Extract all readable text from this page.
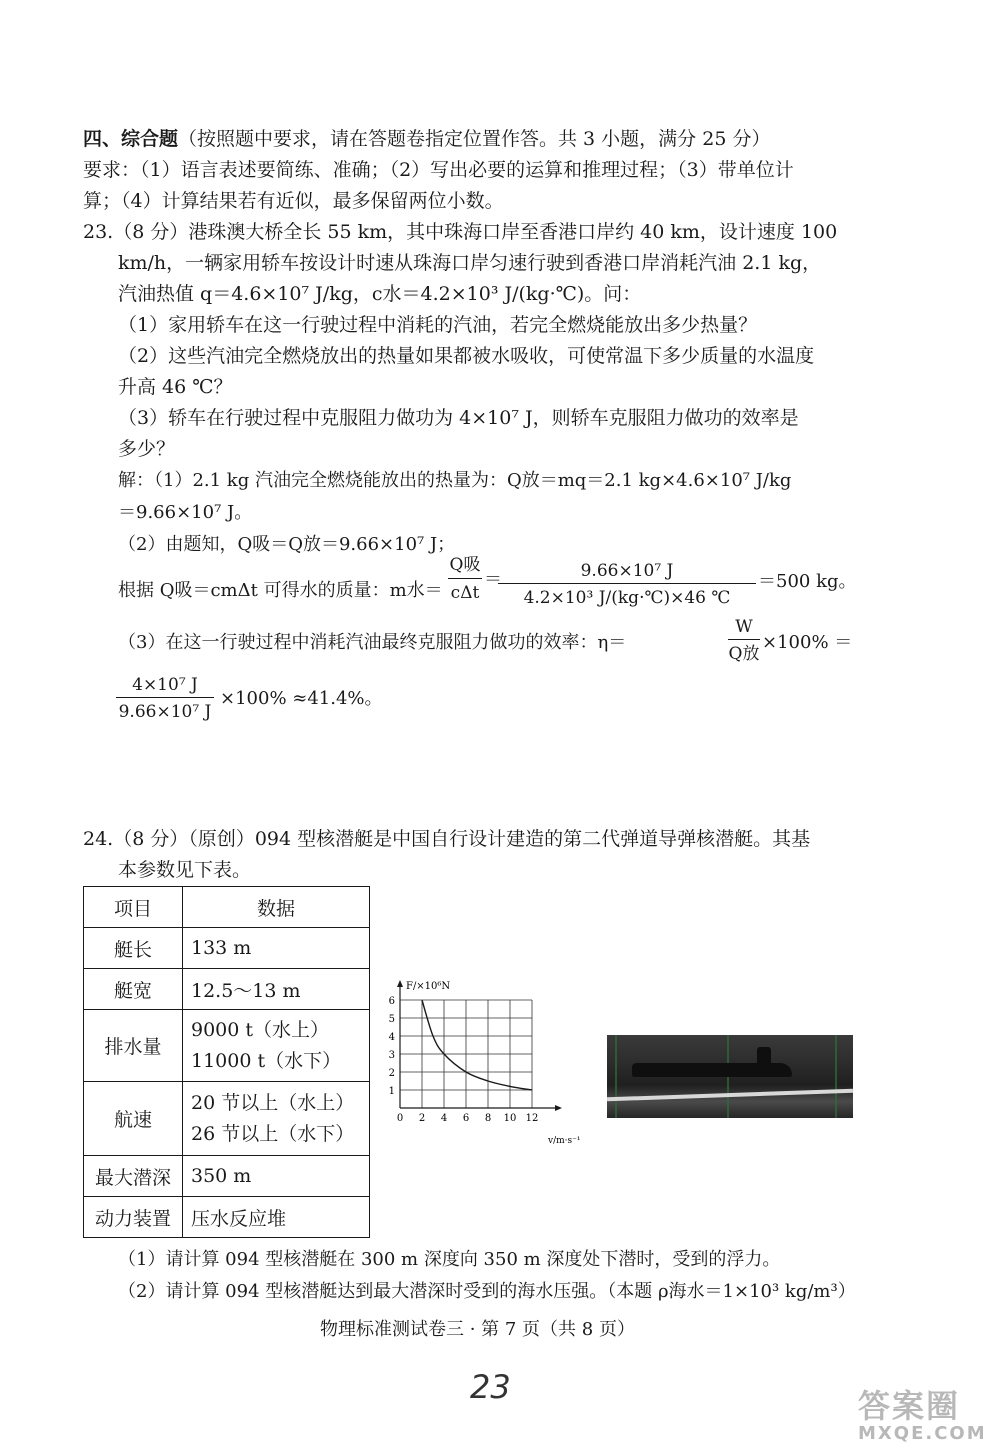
四、综合题（按照题中要求，请在答题卷指定位置作答。共 3 小题，满分 25 分）
要求：（1）语言表述要简练、准确；（2）写出必要的运算和推理过程；（3）带单位计
算；（4）计算结果若有近似，最多保留两位小数。
23.（8 分）港珠澳大桥全长 55 km，其中珠海口岸至香港口岸约 40 km，设计速度 100
km/h，一辆家用轿车按设计时速从珠海口岸匀速行驶到香港口岸消耗汽油 2.1 kg，
汽油热值 q＝4.6×10⁷ J/kg，c水＝4.2×10³ J/(kg·℃)。问：
（1）家用轿车在这一行驶过程中消耗的汽油，若完全燃烧能放出多少热量？
（2）这些汽油完全燃烧放出的热量如果都被水吸收，可使常温下多少质量的水温度
升高 46 ℃？
（3）轿车在行驶过程中克服阻力做功为 4×10⁷ J，则轿车克服阻力做功的效率是
多少？
解：（1）2.1 kg 汽油完全燃烧能放出的热量为：Q放＝mq＝2.1 kg×4.6×10⁷ J/kg
＝9.66×10⁷ J。
（2）由题知，Q吸＝Q放＝9.66×10⁷ J；
根据 Q吸＝cmΔt 可得水的质量：m水＝
Q吸
cΔt
＝	9.66×10⁷ J
4.2×10³ J/(kg·℃)×46 ℃
＝500 kg。
（3）在这一行驶过程中消耗汽油最终克服阻力做功的效率：η＝
W
Q放
×100% ＝
4×10⁷ J
9.66×10⁷ J
×100% ≈41.4%。
24.（8 分）（原创）094 型核潜艇是中国自行设计建造的第二代弹道导弹核潜艇。其基
本参数见下表。
项目	数据
艇长	133 m
艇宽	12.5～13 m
排水量	9000 t（水上）
11000 t（水下）

航速	20 节以上（水上）
26 节以上（水下）

最大潜深	350 m
动力装置	压水反应堆
0 2 4 6 8 10 12
1
2
3
4
5
6
F/×10⁶N
v/m·s⁻¹
（1）请计算 094 型核潜艇在 300 m 深度向 350 m 深度处下潜时，受到的浮力。
（2）请计算 094 型核潜艇达到最大潜深时受到的海水压强。（本题 ρ海水＝1×10³ kg/m³）
物理标准测试卷三 · 第 7 页（共 8 页）
23	答案圈
MXQE.COM
